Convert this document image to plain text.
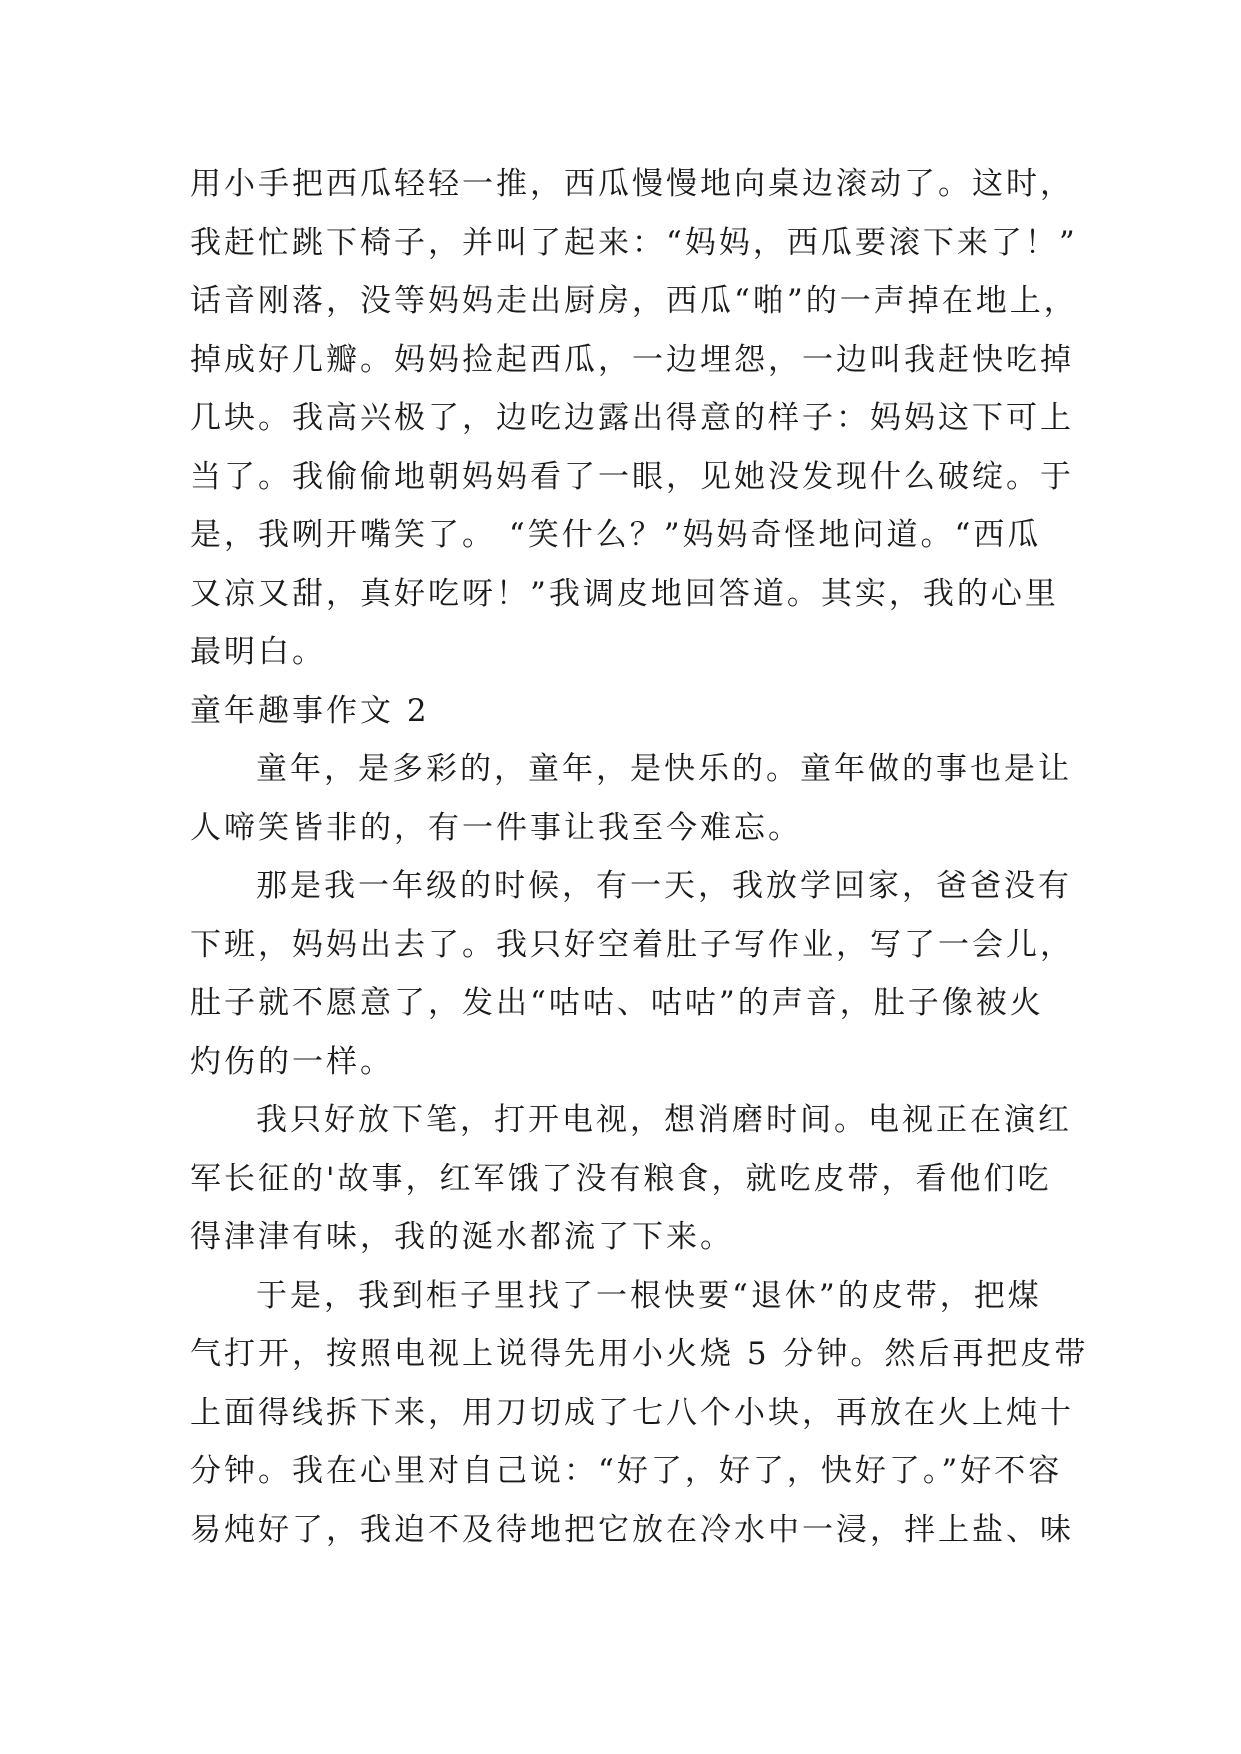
用小手把西瓜轻轻一推，西瓜慢慢地向桌边滚动了。这时，
我赶忙跳下椅子，并叫了起来：“妈妈，西瓜要滚下来了！”
话音刚落，没等妈妈走出厨房，西瓜“啪”的一声掉在地上，
掉成好几瓣。妈妈捡起西瓜，一边埋怨，一边叫我赶快吃掉
几块。我高兴极了，边吃边露出得意的样子：妈妈这下可上
当了。我偷偷地朝妈妈看了一眼，见她没发现什么破绽。于
是，我咧开嘴笑了。 “笑什么？”妈妈奇怪地问道。“西瓜
又凉又甜，真好吃呀！”我调皮地回答道。其实，我的心里
最明白。
童年趣事作文 2
童年，是多彩的，童年，是快乐的。童年做的事也是让
人啼笑皆非的，有一件事让我至今难忘。
那是我一年级的时候，有一天，我放学回家，爸爸没有
下班，妈妈出去了。我只好空着肚子写作业，写了一会儿，
肚子就不愿意了，发出“咕咕、咕咕”的声音，肚子像被火
灼伤的一样。
我只好放下笔，打开电视，想消磨时间。电视正在演红
军长征的'故事，红军饿了没有粮食，就吃皮带，看他们吃
得津津有味，我的涎水都流了下来。
于是，我到柜子里找了一根快要“退休”的皮带，把煤
气打开，按照电视上说得先用小火烧 5 分钟。然后再把皮带
上面得线拆下来，用刀切成了七八个小块，再放在火上炖十
分钟。我在心里对自己说：“好了，好了，快好了。”好不容
易炖好了，我迫不及待地把它放在冷水中一浸，拌上盐、味
